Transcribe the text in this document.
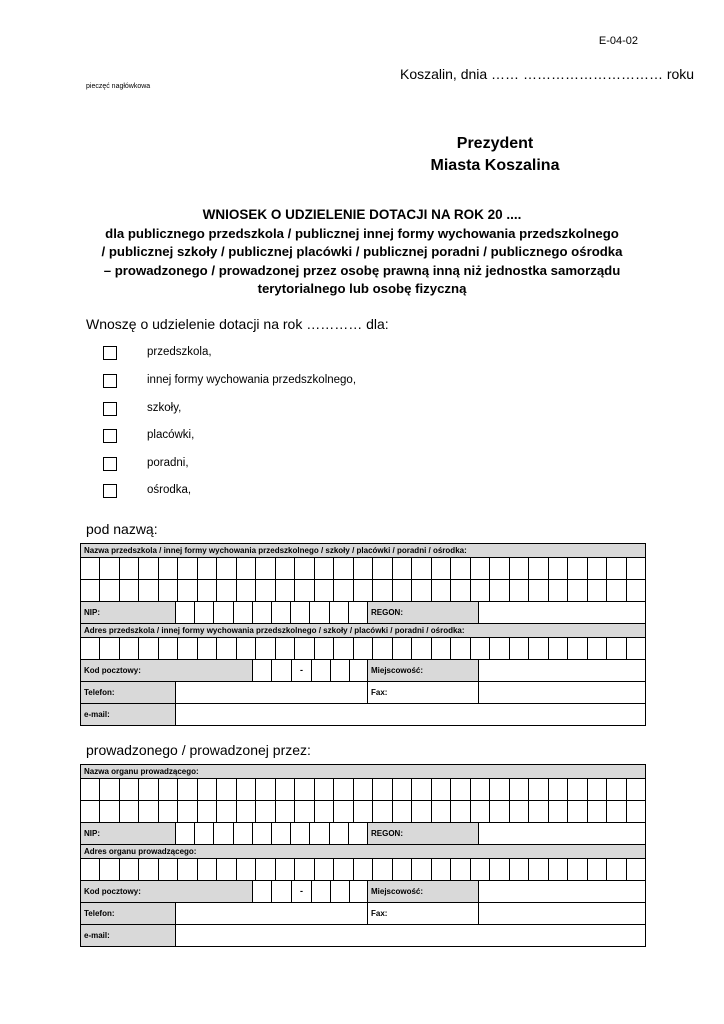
E-04-02
Koszalin, dnia …… ………………………… roku
pieczęć nagłówkowa
Prezydent
Miasta Koszalina
WNIOSEK O UDZIELENIE DOTACJI NA ROK 20 ....
dla publicznego przedszkola / publicznej innej formy wychowania przedszkolnego
/ publicznej szkoły / publicznej placówki / publicznej poradni / publicznego ośrodka
– prowadzonego / prowadzonej przez osobę prawną inną niż jednostka samorządu
terytorialnego lub osobę fizyczną
Wnoszę o udzielenie dotacji na rok ………… dla:
przedszkola,
innej formy wychowania przedszkolnego,
szkoły,
placówki,
poradni,
ośrodka,
pod nazwą:
Nazwa przedszkola / innej formy wychowania przedszkolnego / szkoły / placówki / poradni / ośrodka:
NIP:	REGON:
Adres przedszkola / innej formy wychowania przedszkolnego / szkoły / placówki / poradni / ośrodka:
Kod pocztowy:	-	Miejscowość:
Telefon:	Fax:
e-mail:
prowadzonego / prowadzonej przez:
Nazwa organu prowadzącego:
NIP:	REGON:
Adres organu prowadzącego:
Kod pocztowy:	-	Miejscowość:
Telefon:	Fax:
e-mail:
